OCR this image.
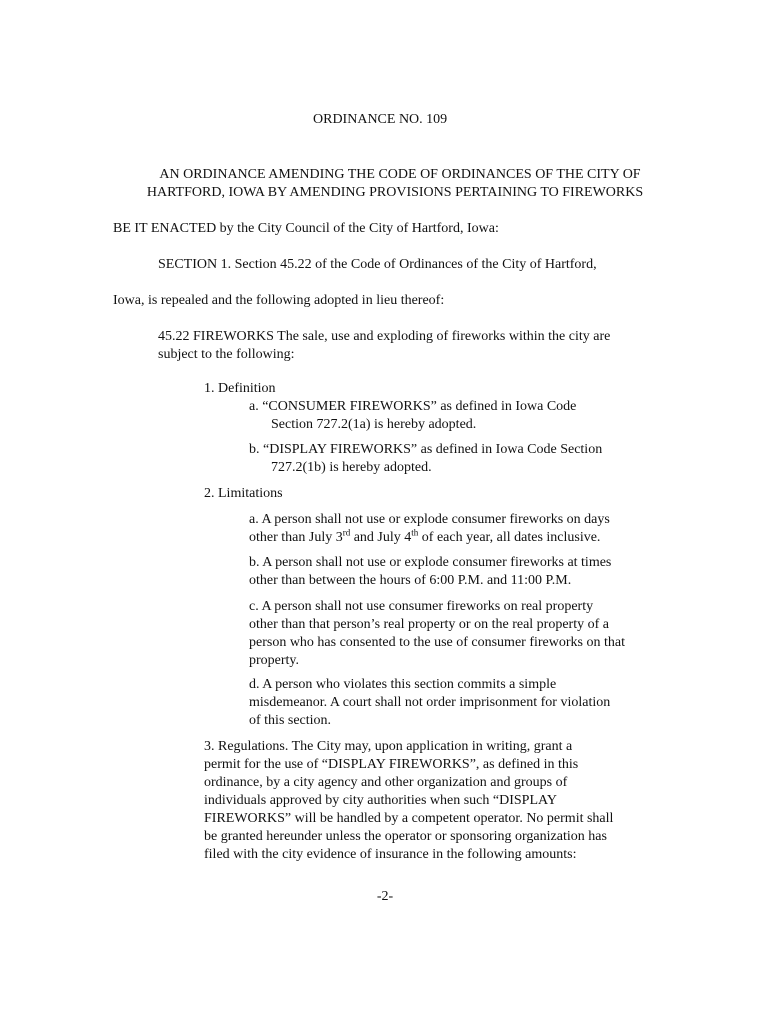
ORDINANCE NO. 109
AN ORDINANCE AMENDING THE CODE OF ORDINANCES OF THE CITY OF
HARTFORD, IOWA BY AMENDING PROVISIONS PERTAINING TO FIREWORKS
BE IT ENACTED by the City Council of the City of Hartford, Iowa:
SECTION 1. Section 45.22 of the Code of Ordinances of the City of Hartford,
Iowa, is repealed and the following adopted in lieu thereof:
45.22 FIREWORKS The sale, use and exploding of fireworks within the city are
subject to the following:
1. Definition
a. “CONSUMER FIREWORKS” as defined in Iowa Code
Section 727.2(1a) is hereby adopted.
b. “DISPLAY FIREWORKS” as defined in Iowa Code Section
727.2(1b) is hereby adopted.
2. Limitations
a. A person shall not use or explode consumer fireworks on days
other than July 3rd and July 4th of each year, all dates inclusive.
b. A person shall not use or explode consumer fireworks at times
other than between the hours of 6:00 P.M. and 11:00 P.M.
c. A person shall not use consumer fireworks on real property
other than that person’s real property or on the real property of a
person who has consented to the use of consumer fireworks on that
property.
d. A person who violates this section commits a simple
misdemeanor. A court shall not order imprisonment for violation
of this section.
3. Regulations. The City may, upon application in writing, grant a
permit for the use of “DISPLAY FIREWORKS”, as defined in this
ordinance, by a city agency and other organization and groups of
individuals approved by city authorities when such “DISPLAY
FIREWORKS” will be handled by a competent operator. No permit shall
be granted hereunder unless the operator or sponsoring organization has
filed with the city evidence of insurance in the following amounts:
-2-
